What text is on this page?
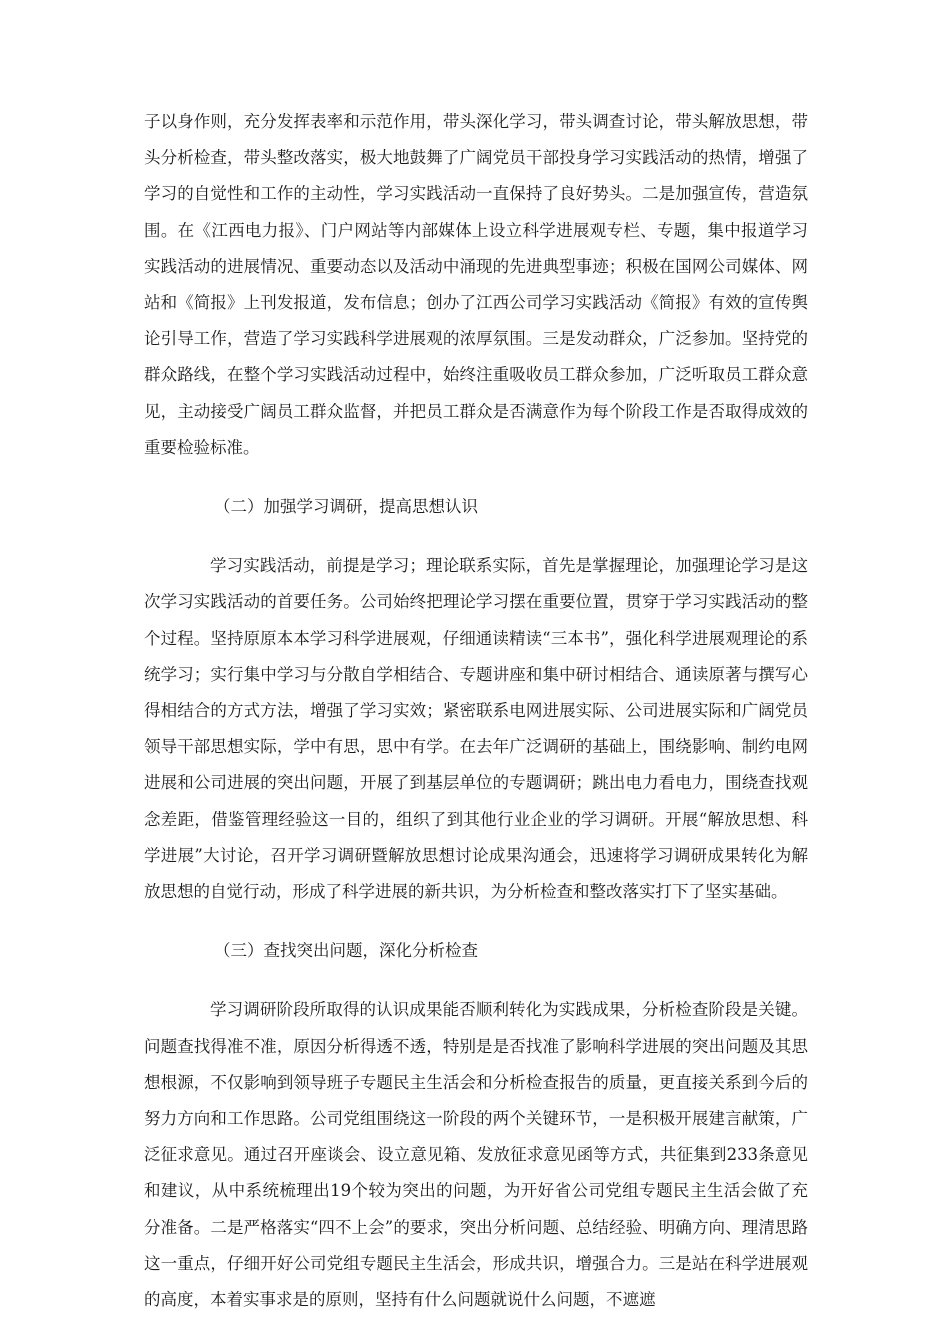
子以身作则，充分发挥表率和示范作用，带头深化学习，带头调查讨论，带头解放思想，带头分析检查，带头整改落实，极大地鼓舞了广阔党员干部投身学习实践活动的热情，增强了学习的自觉性和工作的主动性，学习实践活动一直保持了良好势头。二是加强宣传，营造氛围。在《江西电力报》、门户网站等内部媒体上设立科学进展观专栏、专题，集中报道学习实践活动的进展情况、重要动态以及活动中涌现的先进典型事迹；积极在国网公司媒体、网站和《简报》上刊发报道，发布信息；创办了江西公司学习实践活动《简报》有效的宣传舆论引导工作，营造了学习实践科学进展观的浓厚氛围。三是发动群众，广泛参加。坚持党的群众路线，在整个学习实践活动过程中，始终注重吸收员工群众参加，广泛听取员工群众意见，主动接受广阔员工群众监督，并把员工群众是否满意作为每个阶段工作是否取得成效的重要检验标准。

（二）加强学习调研，提高思想认识

学习实践活动，前提是学习；理论联系实际，首先是掌握理论，加强理论学习是这次学习实践活动的首要任务。公司始终把理论学习摆在重要位置，贯穿于学习实践活动的整个过程。坚持原原本本学习科学进展观，仔细通读精读“三本书”，强化科学进展观理论的系统学习；实行集中学习与分散自学相结合、专题讲座和集中研讨相结合、通读原著与撰写心得相结合的方式方法，增强了学习实效；紧密联系电网进展实际、公司进展实际和广阔党员领导干部思想实际，学中有思，思中有学。在去年广泛调研的基础上，围绕影响、制约电网进展和公司进展的突出问题，开展了到基层单位的专题调研；跳出电力看电力，围绕查找观念差距，借鉴管理经验这一目的，组织了到其他行业企业的学习调研。开展“解放思想、科学进展”大讨论，召开学习调研暨解放思想讨论成果沟通会，迅速将学习调研成果转化为解放思想的自觉行动，形成了科学进展的新共识，为分析检查和整改落实打下了坚实基础。

（三）查找突出问题，深化分析检查

学习调研阶段所取得的认识成果能否顺利转化为实践成果，分析检查阶段是关键。问题查找得准不准，原因分析得透不透，特别是是否找准了影响科学进展的突出问题及其思想根源，不仅影响到领导班子专题民主生活会和分析检查报告的质量，更直接关系到今后的努力方向和工作思路。公司党组围绕这一阶段的两个关键环节，一是积极开展建言献策，广泛征求意见。通过召开座谈会、设立意见箱、发放征求意见函等方式，共征集到233条意见和建议，从中系统梳理出19个较为突出的问题，为开好省公司党组专题民主生活会做了充分准备。二是严格落实“四不上会”的要求，突出分析问题、总结经验、明确方向、理清思路这一重点，仔细开好公司党组专题民主生活会，形成共识，增强合力。三是站在科学进展观的高度，本着实事求是的原则，坚持有什么问题就说什么问题，不遮遮
